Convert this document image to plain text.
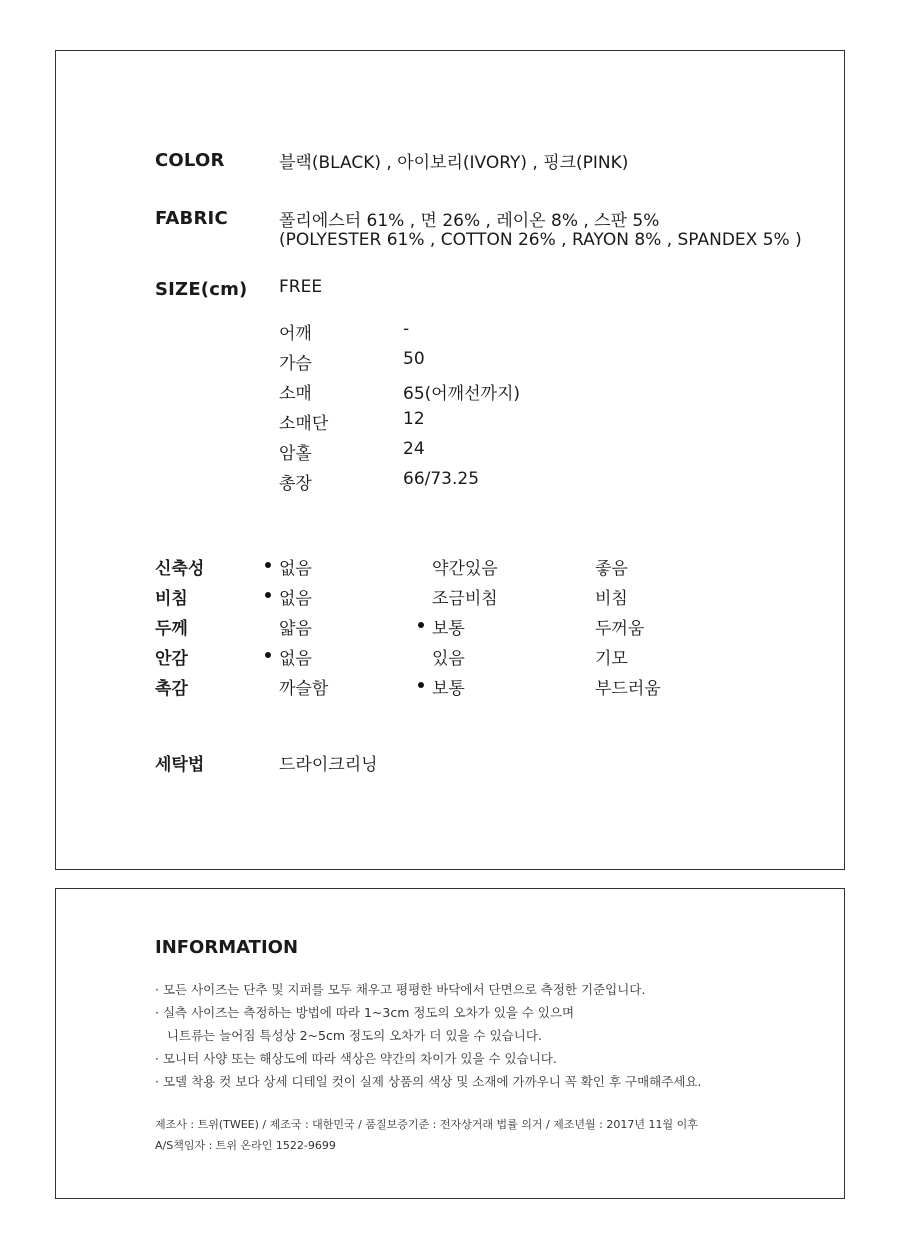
COLOR	블랙(BLACK) , 아이보리(IVORY) , 핑크(PINK)
FABRIC	폴리에스터 61% , 면 26% , 레이온 8% , 스판 5%
(POLYESTER 61% , COTTON 26% , RAYON 8% , SPANDEX 5% )
SIZE(cm) FREE
어깨	-
가슴	50
소매	65(어깨선까지)
소매단	12
암홀	24
총장	66/73.25
신축성	없음	약간있음	좋음
비침	없음	조금비침	비침
두께	얇음	보통	두꺼움
안감	없음	있음	기모
촉감	까슬함	보통	부드러움
세탁법	드라이크리닝
INFORMATION
· 모든 사이즈는 단추 및 지퍼를 모두 채우고 평평한 바닥에서 단면으로 측정한 기준입니다.
· 실측 사이즈는 측정하는 방법에 따라 1~3cm 정도의 오차가 있을 수 있으며
니트류는 늘어짐 특성상 2~5cm 정도의 오차가 더 있을 수 있습니다.
· 모니터 사양 또는 해상도에 따라 색상은 약간의 차이가 있을 수 있습니다.
· 모델 착용 컷 보다 상세 디테일 컷이 실제 상품의 색상 및 소재에 가까우니 꼭 확인 후 구매해주세요.
제조사 : 트위(TWEE) / 제조국 : 대한민국 / 품질보증기준 : 전자상거래 법률 의거 / 제조년월 : 2017년 11월 이후
A/S책임자 : 트위 온라인 1522-9699
